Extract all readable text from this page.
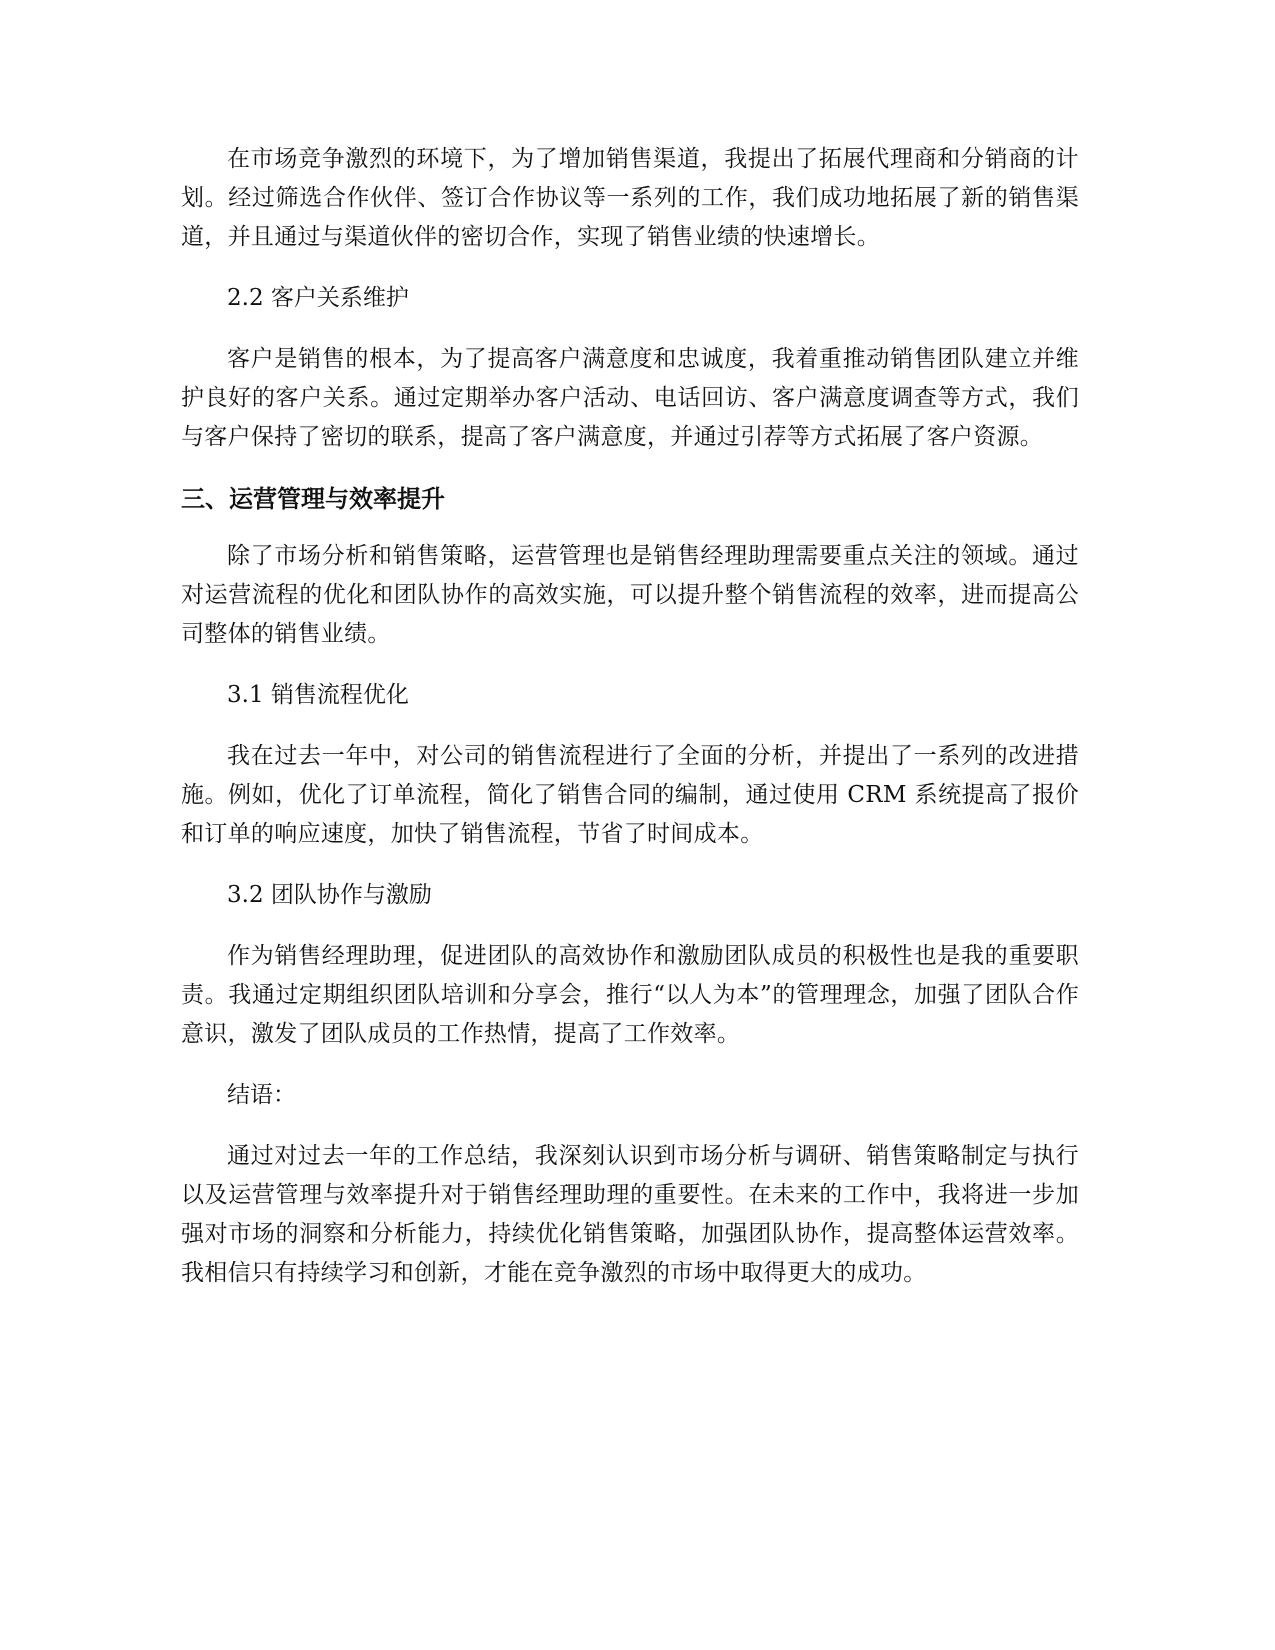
在市场竞争激烈的环境下，为了增加销售渠道，我提出了拓展代理商和分销商的计划。经过筛选合作伙伴、签订合作协议等一系列的工作，我们成功地拓展了新的销售渠道，并且通过与渠道伙伴的密切合作，实现了销售业绩的快速增长。

2.2 客户关系维护

客户是销售的根本，为了提高客户满意度和忠诚度，我着重推动销售团队建立并维护良好的客户关系。通过定期举办客户活动、电话回访、客户满意度调查等方式，我们与客户保持了密切的联系，提高了客户满意度，并通过引荐等方式拓展了客户资源。

三、运营管理与效率提升

除了市场分析和销售策略，运营管理也是销售经理助理需要重点关注的领域。通过对运营流程的优化和团队协作的高效实施，可以提升整个销售流程的效率，进而提高公司整体的销售业绩。

3.1 销售流程优化

我在过去一年中，对公司的销售流程进行了全面的分析，并提出了一系列的改进措施。例如，优化了订单流程，简化了销售合同的编制，通过使用 CRM 系统提高了报价和订单的响应速度，加快了销售流程，节省了时间成本。

3.2 团队协作与激励

作为销售经理助理，促进团队的高效协作和激励团队成员的积极性也是我的重要职责。我通过定期组织团队培训和分享会，推行“以人为本”的管理理念，加强了团队合作意识，激发了团队成员的工作热情，提高了工作效率。

结语：

通过对过去一年的工作总结，我深刻认识到市场分析与调研、销售策略制定与执行以及运营管理与效率提升对于销售经理助理的重要性。在未来的工作中，我将进一步加强对市场的洞察和分析能力，持续优化销售策略，加强团队协作，提高整体运营效率。我相信只有持续学习和创新，才能在竞争激烈的市场中取得更大的成功。
